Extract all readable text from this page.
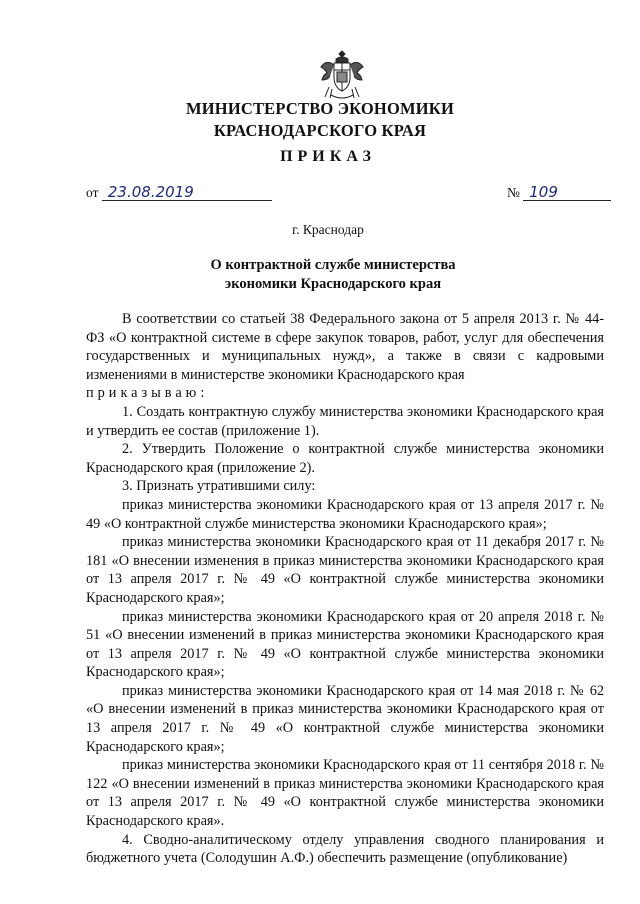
МИНИСТЕРСТВО ЭКОНОМИКИ
КРАСНОДАРСКОГО КРАЯ
ПРИКАЗ
от 23.08.2019	№ 109
г. Краснодар
О контрактной службе министерства
экономики Краснодарского края

В соответствии со статьей 38 Федерального закона от 5 апреля 2013 г. № 44-ФЗ «О контрактной системе в сфере закупок товаров, работ, услуг для обеспечения государственных и муниципальных нужд», а также в связи с кадровыми изменениями в министерстве экономики Краснодарского края

приказываю:

1. Создать контрактную службу министерства экономики Краснодарского края и утвердить ее состав (приложение 1).

2. Утвердить Положение о контрактной службе министерства экономики Краснодарского края (приложение 2).

3. Признать утратившими силу:

приказ министерства экономики Краснодарского края от 13 апреля 2017 г. № 49 «О контрактной службе министерства экономики Краснодарского края»;

приказ министерства экономики Краснодарского края от 11 декабря 2017 г. № 181 «О внесении изменения в приказ министерства экономики Краснодарского края от 13 апреля 2017 г. № 49 «О контрактной службе министерства экономики Краснодарского края»;

приказ министерства экономики Краснодарского края от 20 апреля 2018 г. № 51 «О внесении изменений в приказ министерства экономики Краснодарского края от 13 апреля 2017 г. № 49 «О контрактной службе министерства экономики Краснодарского края»;

приказ министерства экономики Краснодарского края от 14 мая 2018 г. № 62 «О внесении изменений в приказ министерства экономики Краснодарского края от 13 апреля 2017 г. № 49 «О контрактной службе министерства экономики Краснодарского края»;

приказ министерства экономики Краснодарского края от 11 сентября 2018 г. № 122 «О внесении изменений в приказ министерства экономики Краснодарского края от 13 апреля 2017 г. № 49 «О контрактной службе министерства экономики Краснодарского края».

4. Сводно-аналитическому отделу управления сводного планирования и бюджетного учета (Солодушин А.Ф.) обеспечить размещение (опубликование)
